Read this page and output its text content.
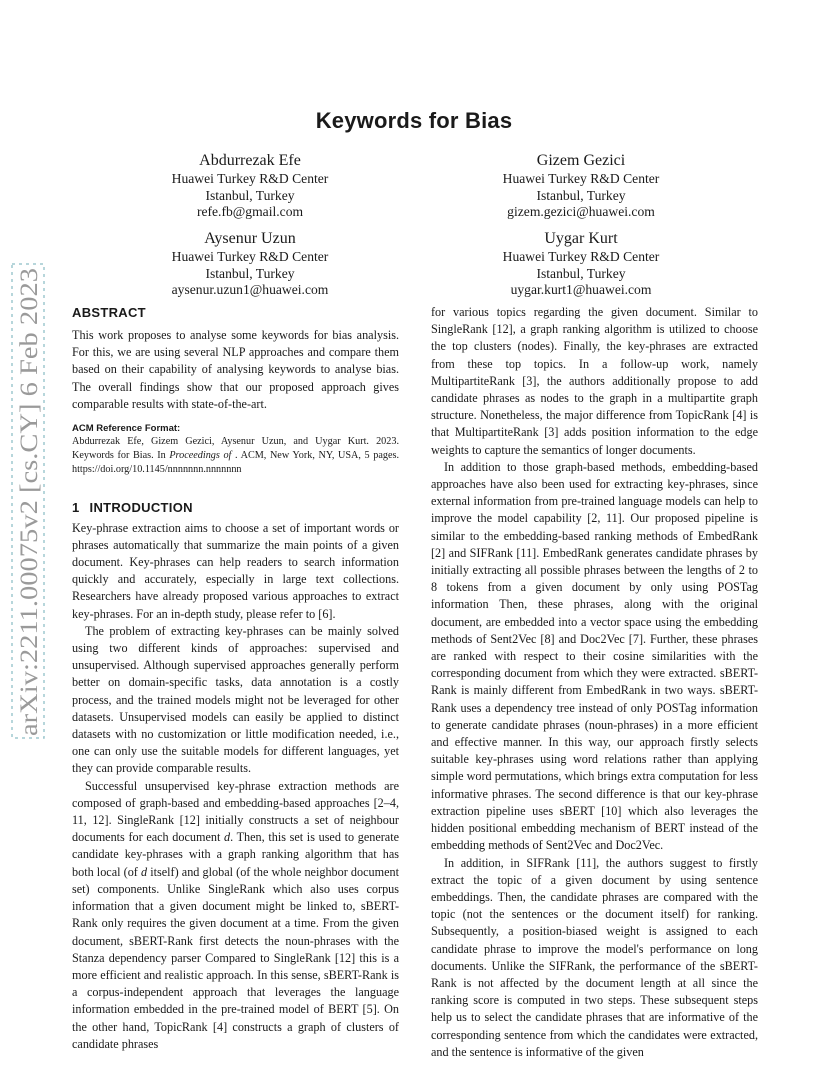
arXiv:2211.00075v2 [cs.CY] 6 Feb 2023
Keywords for Bias
Abdurrezak Efe
Huawei Turkey R&D Center
Istanbul, Turkey
refe.fb@gmail.com
Gizem Gezici
Huawei Turkey R&D Center
Istanbul, Turkey
gizem.gezici@huawei.com
Aysenur Uzun
Huawei Turkey R&D Center
Istanbul, Turkey
aysenur.uzun1@huawei.com
Uygar Kurt
Huawei Turkey R&D Center
Istanbul, Turkey
uygar.kurt1@huawei.com
ABSTRACT

This work proposes to analyse some keywords for bias analysis. For this, we are using several NLP approaches and compare them based on their capability of analysing keywords to analyse bias. The overall findings show that our proposed approach gives comparable results with state-of-the-art.

ACM Reference Format:

Abdurrezak Efe, Gizem Gezici, Aysenur Uzun, and Uygar Kurt. 2023. Keywords for Bias. In Proceedings of . ACM, New York, NY, USA, 5 pages. https://doi.org/10.1145/nnnnnnn.nnnnnnn

1 INTRODUCTION

Key-phrase extraction aims to choose a set of important words or phrases automatically that summarize the main points of a given document. Key-phrases can help readers to search information quickly and accurately, especially in large text collections. Researchers have already proposed various approaches to extract key-phrases. For an in-depth study, please refer to [6].

The problem of extracting key-phrases can be mainly solved using two different kinds of approaches: supervised and unsupervised. Although supervised approaches generally perform better on domain-specific tasks, data annotation is a costly process, and the trained models might not be leveraged for other datasets. Unsupervised models can easily be applied to distinct datasets with no customization or little modification needed, i.e., one can only use the suitable models for different languages, yet they can provide comparable results.

Successful unsupervised key-phrase extraction methods are composed of graph-based and embedding-based approaches [2–4, 11, 12]. SingleRank [12] initially constructs a set of neighbour documents for each document d. Then, this set is used to generate candidate key-phrases with a graph ranking algorithm that has both local (of d itself) and global (of the whole neighbor document set) components. Unlike SingleRank which also uses corpus information that a given document might be linked to, sBERT-Rank only requires the given document at a time. From the given document, sBERT-Rank first detects the noun-phrases with the Stanza dependency parser Compared to SingleRank [12] this is a more efficient and realistic approach. In this sense, sBERT-Rank is a corpus-independent approach that leverages the language information embedded in the pre-trained model of BERT [5]. On the other hand, TopicRank [4] constructs a graph of clusters of candidate phrases

for various topics regarding the given document. Similar to SingleRank [12], a graph ranking algorithm is utilized to choose the top clusters (nodes). Finally, the key-phrases are extracted from these top topics. In a follow-up work, namely MultipartiteRank [3], the authors additionally propose to add candidate phrases as nodes to the graph in a multipartite graph structure. Nonetheless, the major difference from TopicRank [4] is that MultipartiteRank [3] adds position information to the edge weights to capture the semantics of longer documents.

In addition to those graph-based methods, embedding-based approaches have also been used for extracting key-phrases, since external information from pre-trained language models can help to improve the model capability [2, 11]. Our proposed pipeline is similar to the embedding-based ranking methods of EmbedRank [2] and SIFRank [11]. EmbedRank generates candidate phrases by initially extracting all possible phrases between the lengths of 2 to 8 tokens from a given document by only using POSTag information Then, these phrases, along with the original document, are embedded into a vector space using the embedding methods of Sent2Vec [8] and Doc2Vec [7]. Further, these phrases are ranked with respect to their cosine similarities with the corresponding document from which they were extracted. sBERT-Rank is mainly different from EmbedRank in two ways. sBERT-Rank uses a dependency tree instead of only POSTag information to generate candidate phrases (noun-phrases) in a more efficient and effective manner. In this way, our approach firstly selects suitable key-phrases using word relations rather than applying simple word permutations, which brings extra computation for less informative phrases. The second difference is that our key-phrase extraction pipeline uses sBERT [10] which also leverages the hidden positional embedding mechanism of BERT instead of the embedding methods of Sent2Vec and Doc2Vec.

In addition, in SIFRank [11], the authors suggest to firstly extract the topic of a given document by using sentence embeddings. Then, the candidate phrases are compared with the topic (not the sentences or the document itself) for ranking. Subsequently, a position-biased weight is assigned to each candidate phrase to improve the model's performance on long documents. Unlike the SIFRank, the performance of the sBERT-Rank is not affected by the document length at all since the ranking score is computed in two steps. These subsequent steps help us to select the candidate phrases that are informative of the corresponding sentence from which the candidates were extracted, and the sentence is informative of the given
